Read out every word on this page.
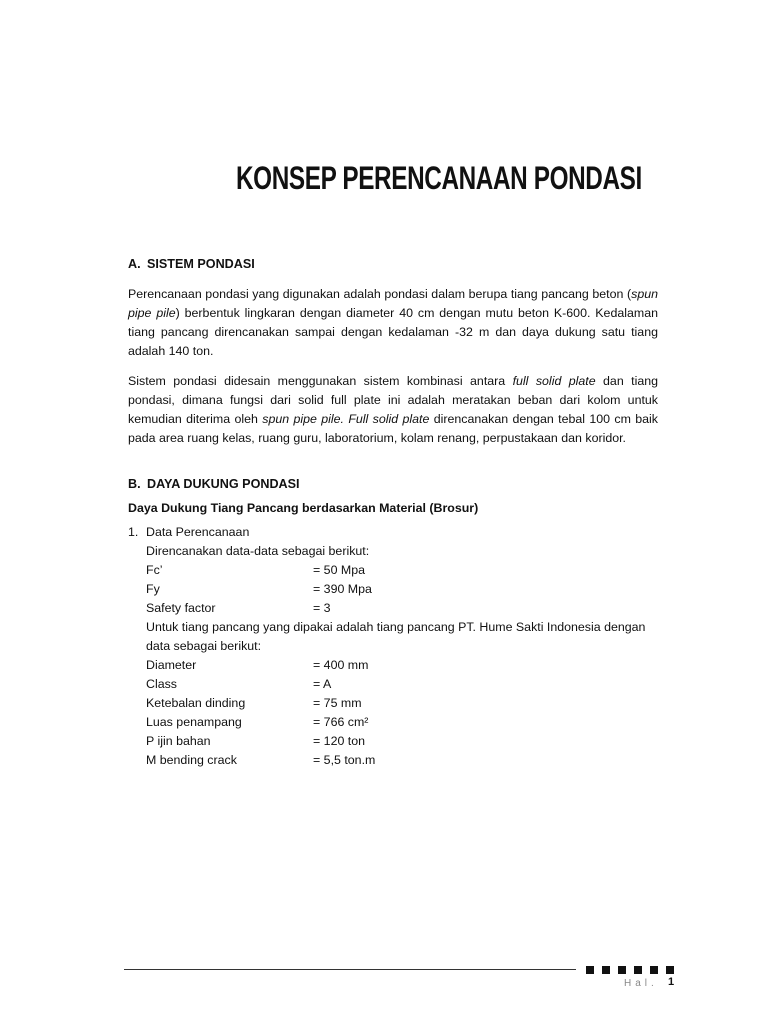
KONSEP PERENCANAAN PONDASI

A. SISTEM PONDASI

Perencanaan pondasi yang digunakan adalah pondasi dalam berupa tiang pancang beton (spun pipe pile) berbentuk lingkaran dengan diameter 40 cm dengan mutu beton K-600. Kedalaman tiang pancang direncanakan sampai dengan kedalaman -32 m dan daya dukung satu tiang adalah 140 ton.

Sistem pondasi didesain menggunakan sistem kombinasi antara full solid plate dan tiang pondasi, dimana fungsi dari solid full plate ini adalah meratakan beban dari kolom untuk kemudian diterima oleh spun pipe pile. Full solid plate direncanakan dengan tebal 100 cm baik pada area ruang kelas, ruang guru, laboratorium, kolam renang, perpustakaan dan koridor.

B. DAYA DUKUNG PONDASI

Daya Dukung Tiang Pancang berdasarkan Material (Brosur)

1. Data Perencanaan
Direncanakan data-data sebagai berikut:
Fc’	= 50 Mpa
Fy	= 390 Mpa
Safety factor	= 3
Untuk tiang pancang yang dipakai adalah tiang pancang PT. Hume Sakti Indonesia dengan data sebagai berikut:
Diameter	= 400 mm
Class	= A
Ketebalan dinding	= 75 mm
Luas penampang	= 766 cm²
P ijin bahan	= 120 ton
M bending crack	= 5,5 ton.m
Hal. 1
